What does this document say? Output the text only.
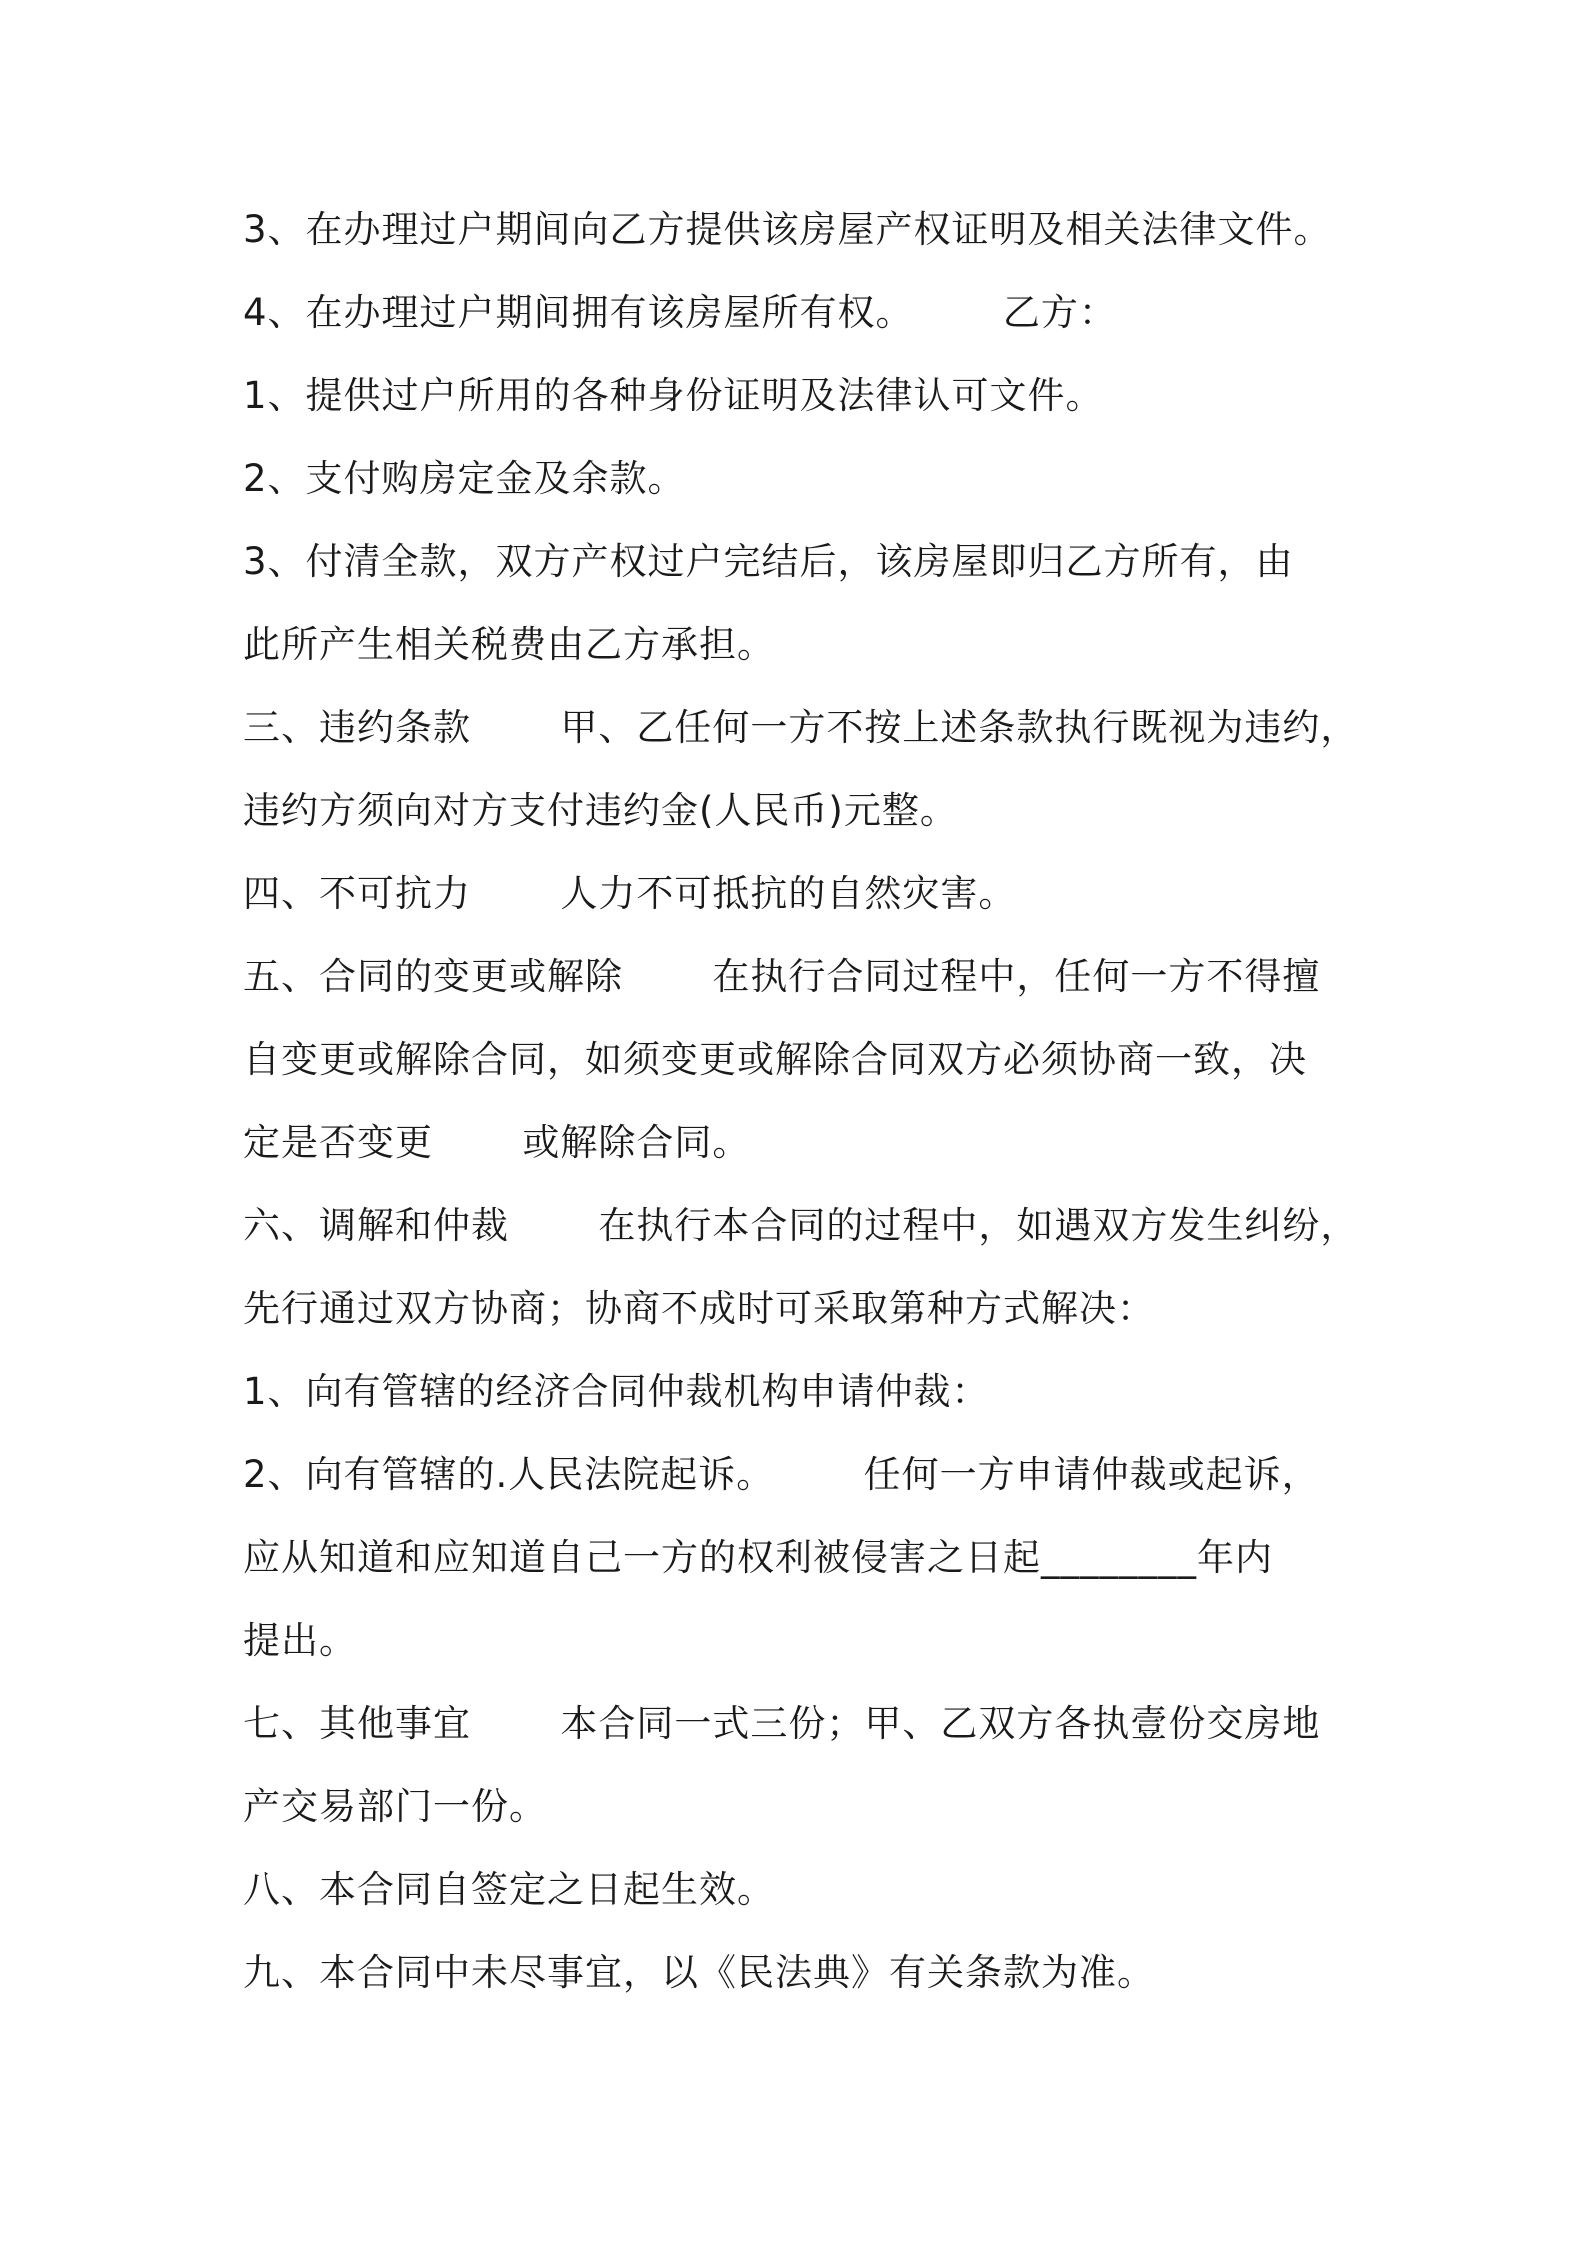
3、在办理过户期间向乙方提供该房屋产权证明及相关法律文件。

4、在办理过户期间拥有该房屋所有权。       乙方：

1、提供过户所用的各种身份证明及法律认可文件。

2、支付购房定金及余款。

3、付清全款，双方产权过户完结后，该房屋即归乙方所有，由

此所产生相关税费由乙方承担。

三、违约条款       甲、乙任何一方不按上述条款执行既视为违约，

违约方须向对方支付违约金(人民币)元整。

四、不可抗力       人力不可抵抗的自然灾害。

五、合同的变更或解除       在执行合同过程中，任何一方不得擅

自变更或解除合同，如须变更或解除合同双方必须协商一致，决

定是否变更       或解除合同。

六、调解和仲裁       在执行本合同的过程中，如遇双方发生纠纷，

先行通过双方协商；协商不成时可采取第种方式解决：

1、向有管辖的经济合同仲裁机构申请仲裁：

2、向有管辖的.人民法院起诉。       任何一方申请仲裁或起诉，

应从知道和应知道自己一方的权利被侵害之日起________年内

提出。

七、其他事宜       本合同一式三份；甲、乙双方各执壹份交房地

产交易部门一份。

八、本合同自签定之日起生效。

九、本合同中未尽事宜，以《民法典》有关条款为准。
